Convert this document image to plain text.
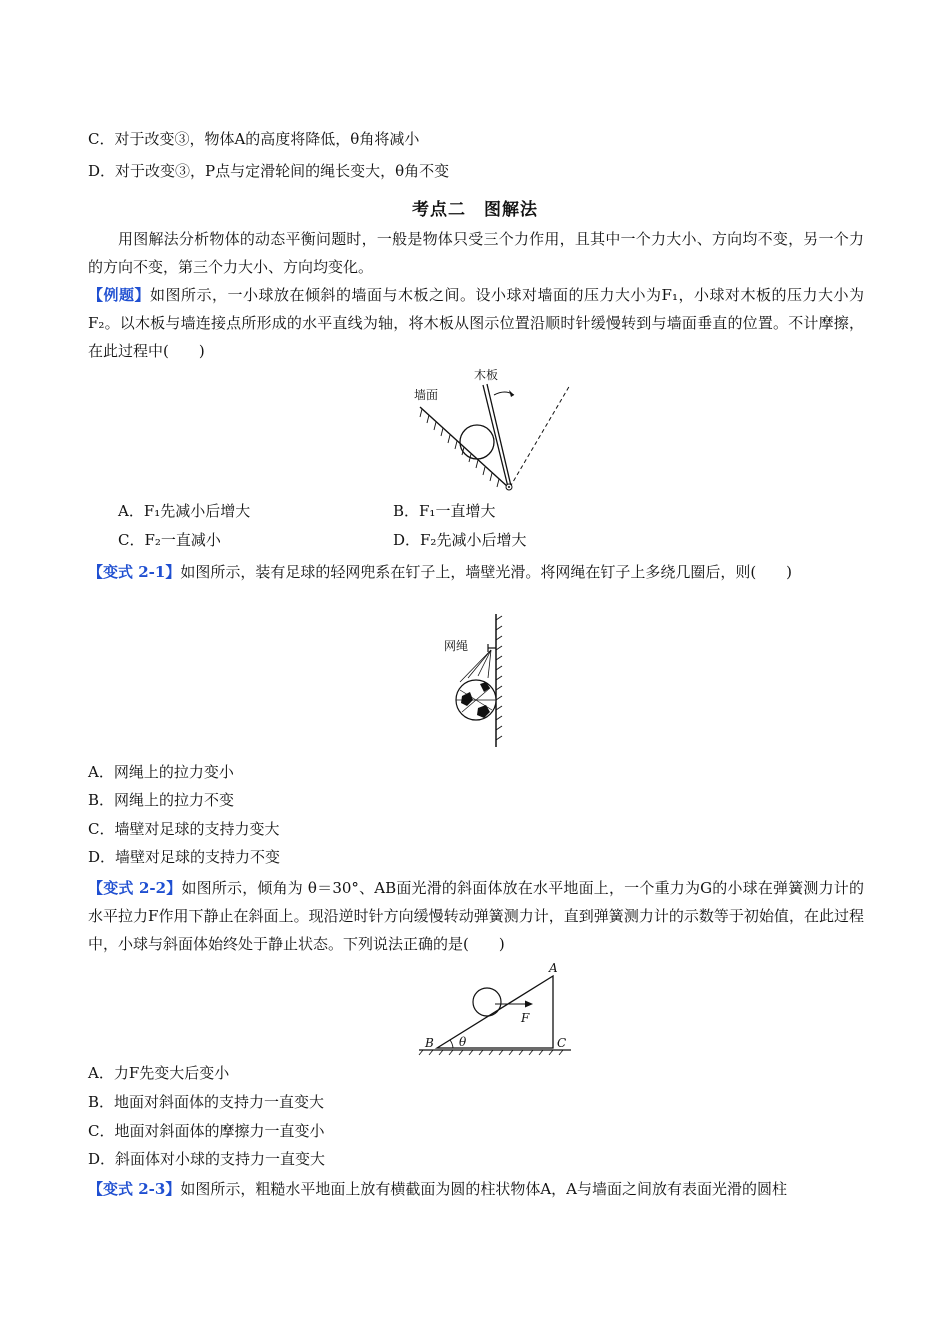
C．对于改变③，物体A的高度将降低，θ角将减小
D．对于改变③，P点与定滑轮间的绳长变大，θ角不变
考点二　图解法
用图解法分析物体的动态平衡问题时，一般是物体只受三个力作用，且其中一个力大小、方向均不变，另一个力的方向不变，第三个力大小、方向均变化。
【例题】如图所示，一小球放在倾斜的墙面与木板之间。设小球对墙面的压力大小为F₁，小球对木板的压力大小为F₂。以木板与墙连接点所形成的水平直线为轴，将木板从图示位置沿顺时针缓慢转到与墙面垂直的位置。不计摩擦，在此过程中(　　)
木板
墙面
A．F₁先减小后增大	B．F₁一直增大
C．F₂一直减小	D．F₂先减小后增大
【变式 2-1】如图所示，装有足球的轻网兜系在钉子上，墙壁光滑。将网绳在钉子上多绕几圈后，则(　　)
网绳
A．网绳上的拉力变小
B．网绳上的拉力不变
C．墙壁对足球的支持力变大
D．墙壁对足球的支持力不变
【变式 2-2】如图所示，倾角为 θ＝30°、AB面光滑的斜面体放在水平地面上，一个重力为G的小球在弹簧测力计的水平拉力F作用下静止在斜面上。现沿逆时针方向缓慢转动弹簧测力计，直到弹簧测力计的示数等于初始值，在此过程中，小球与斜面体始终处于静止状态。下列说法正确的是(　　)
A
B	C
F
θ
A．力F先变大后变小
B．地面对斜面体的支持力一直变大
C．地面对斜面体的摩擦力一直变小
D．斜面体对小球的支持力一直变大
【变式 2-3】如图所示，粗糙水平地面上放有横截面为圆的柱状物体A，A与墙面之间放有表面光滑的圆柱
